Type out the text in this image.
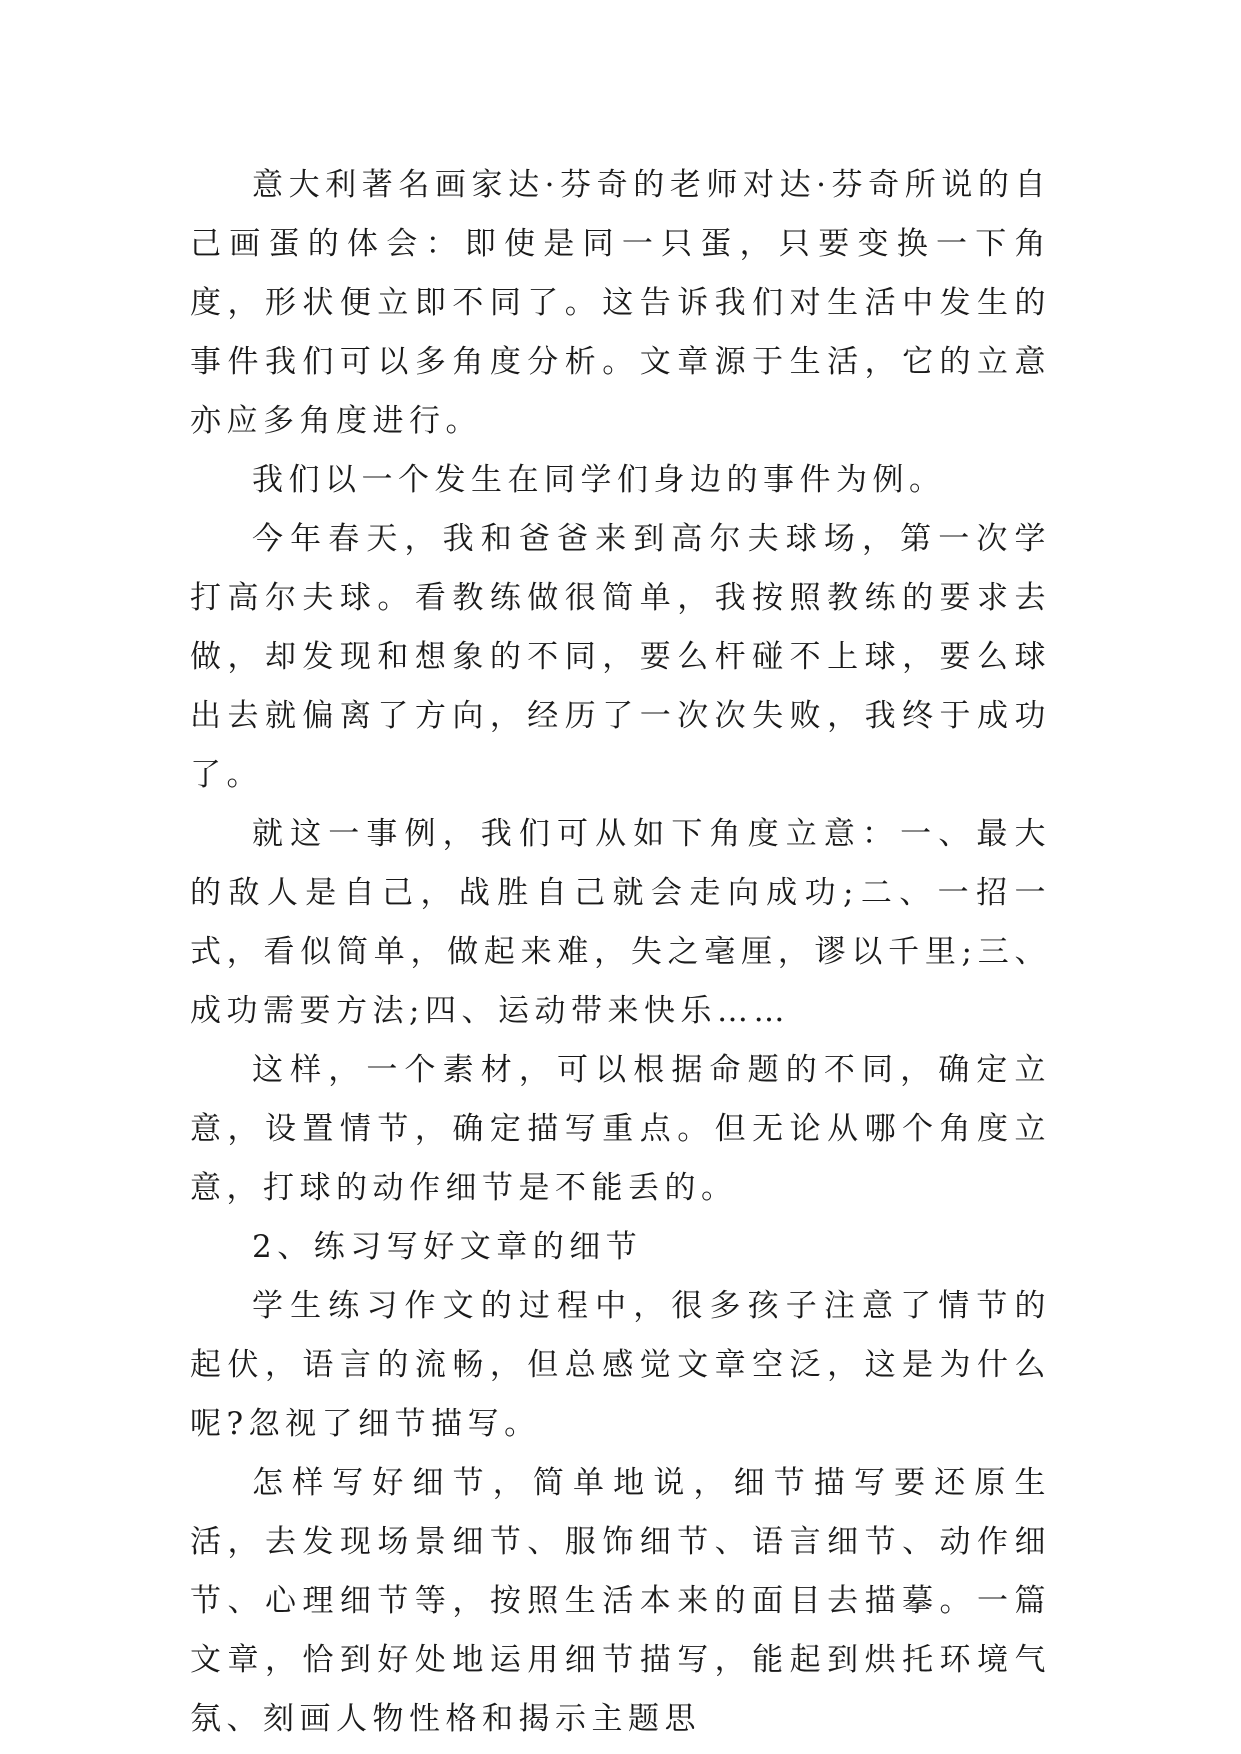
意大利著名画家达·芬奇的老师对达·芬奇所说的自己画蛋的体会：即使是同一只蛋，只要变换一下角度，形状便立即不同了。这告诉我们对生活中发生的事件我们可以多角度分析。文章源于生活，它的立意亦应多角度进行。

我们以一个发生在同学们身边的事件为例。

今年春天，我和爸爸来到高尔夫球场，第一次学打高尔夫球。看教练做很简单，我按照教练的要求去做，却发现和想象的不同，要么杆碰不上球，要么球出去就偏离了方向，经历了一次次失败，我终于成功了。

就这一事例，我们可从如下角度立意：一、最大的敌人是自己，战胜自己就会走向成功;二、一招一式，看似简单，做起来难，失之毫厘，谬以千里;三、成功需要方法;四、运动带来快乐……

这样，一个素材，可以根据命题的不同，确定立意，设置情节，确定描写重点。但无论从哪个角度立意，打球的动作细节是不能丢的。

2、练习写好文章的细节

学生练习作文的过程中，很多孩子注意了情节的起伏，语言的流畅，但总感觉文章空泛，这是为什么呢?忽视了细节描写。

怎样写好细节，简单地说，细节描写要还原生活，去发现场景细节、服饰细节、语言细节、动作细节、心理细节等，按照生活本来的面目去描摹。一篇文章，恰到好处地运用细节描写，能起到烘托环境气氛、刻画人物性格和揭示主题思
